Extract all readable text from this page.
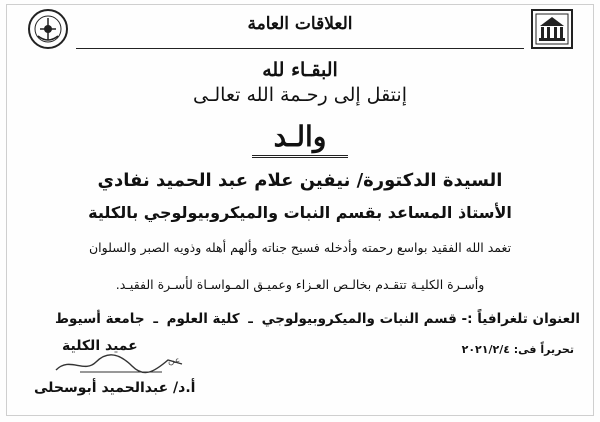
العلاقات العامة
البقـاء لله
إنتقل إلى رحـمة الله تعالـى
والـد
السيدة الدكتورة/ نيفين علام عبد الحميد نفادي
الأستاذ المساعد بقسم النبات والميكروبيولوجي بالكلية
تغمد الله الفقيد بواسع رحمته وأدخله فسيح جناته وألهم أهله وذويه الصبر والسلوان
وأسـرة الكليـة تتقـدم بخالـص العـزاء وعميـق المـواسـاة لأسـرة الفقيـد.
العنوان تلغرافياً :- قسم النبات والميكروبيولوجي ـ كلية العلوم ـ جامعة أسيوط
تحريراً فى: ٢٠٢١/٢/٤
عميد الكلية
عن
أ.د/ عبدالحميد أبوسحلى
